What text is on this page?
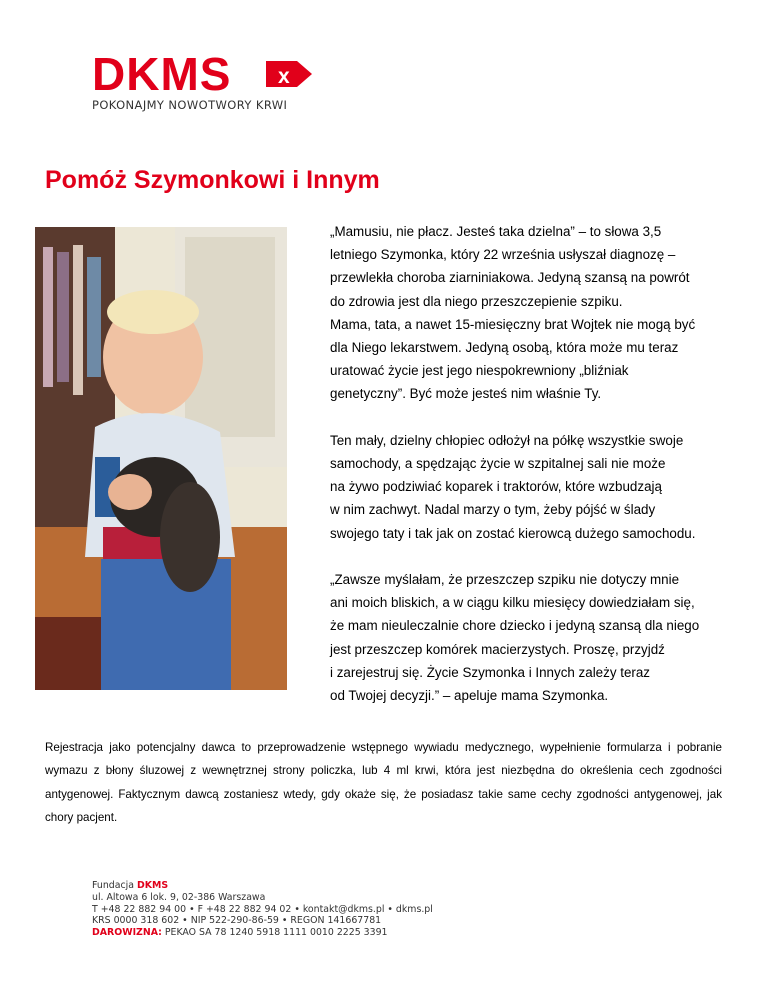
DKMS x
POKONAJMY NOWOTWORY KRWI
Pomóż Szymonkowi i Innym

„Mamusiu, nie płacz. Jesteś taka dzielna” – to słowa 3,5
letniego Szymonka, który 22 września usłyszał diagnozę –
przewlekła choroba ziarniniakowa. Jedyną szansą na powrót
do zdrowia jest dla niego przeszczepienie szpiku.
Mama, tata, a nawet 15-miesięczny brat Wojtek nie mogą być
dla Niego lekarstwem. Jedyną osobą, która może mu teraz
uratować życie jest jego niespokrewniony „bliźniak
genetyczny”. Być może jesteś nim właśnie Ty.

Ten mały, dzielny chłopiec odłożył na półkę wszystkie swoje
samochody, a spędzając życie w szpitalnej sali nie może
na żywo podziwiać koparek i traktorów, które wzbudzają
w nim zachwyt. Nadal marzy o tym, żeby pójść w ślady
swojego taty i tak jak on zostać kierowcą dużego samochodu.

„Zawsze myślałam, że przeszczep szpiku nie dotyczy mnie
ani moich bliskich, a w ciągu kilku miesięcy dowiedziałam się,
że mam nieuleczalnie chore dziecko i jedyną szansą dla niego
jest przeszczep komórek macierzystych. Proszę, przyjdź
i zarejestruj się. Życie Szymonka i Innych zależy teraz
od Twojej decyzji.” – apeluje mama Szymonka.

Rejestracja jako potencjalny dawca to przeprowadzenie wstępnego wywiadu medycznego, wypełnienie formularza i pobranie wymazu z błony śluzowej z wewnętrznej strony policzka, lub 4 ml krwi, która jest niezbędna do określenia cech zgodności antygenowej. Faktycznym dawcą zostaniesz wtedy, gdy okaże się, że posiadasz takie same cechy zgodności antygenowej, jak chory pacjent.

Fundacja DKMS
ul. Altowa 6 lok. 9, 02-386 Warszawa
T +48 22 882 94 00 • F +48 22 882 94 02 • kontakt@dkms.pl • dkms.pl
KRS 0000 318 602 • NIP 522-290-86-59 • REGON 141667781
DAROWIZNA: PEKAO SA 78 1240 5918 1111 0010 2225 3391
